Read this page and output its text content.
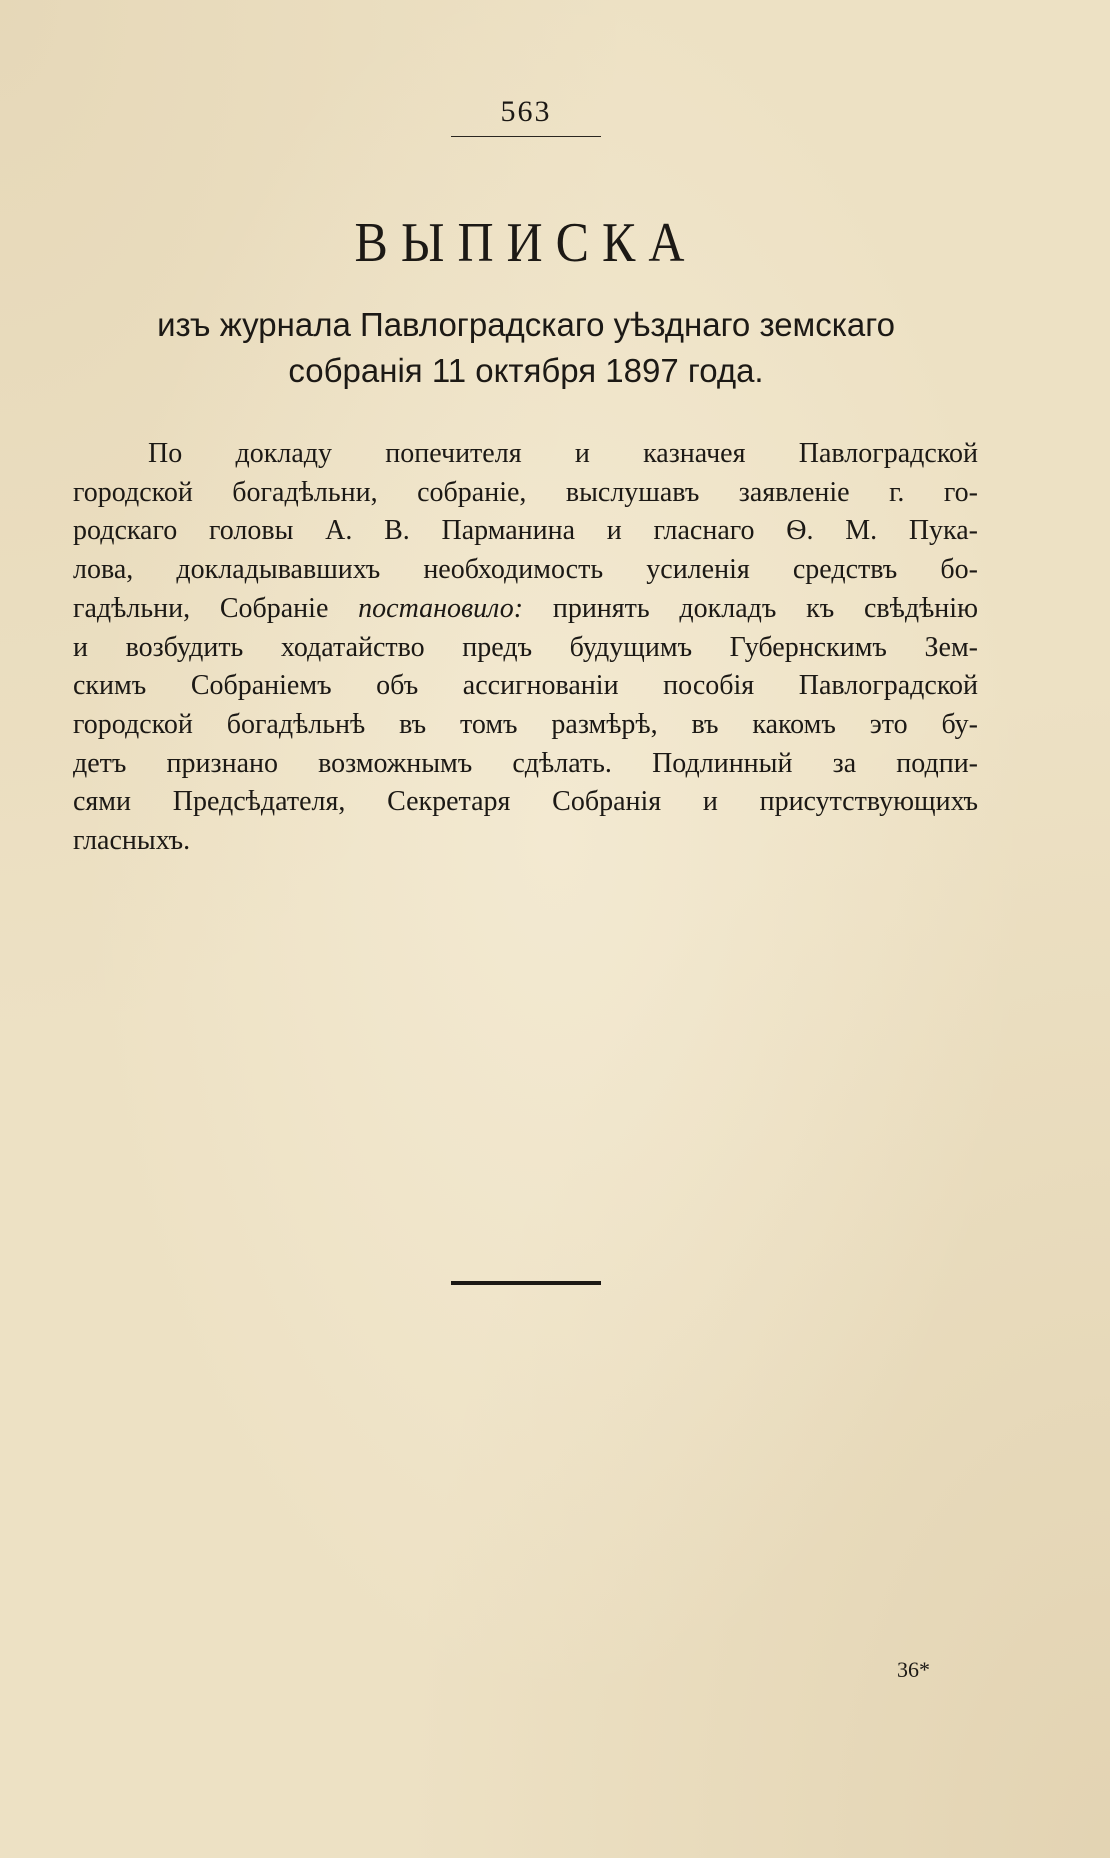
563
ВЫПИСКА
изъ журнала Павлоградскаго уѣзднаго земскаго
собранія 11 октября 1897 года.
По докладу попечителя и казначея Павлоградской
городской богадѣльни, собраніе, выслушавъ заявленіе г. го-
родскаго головы А. В. Парманина и гласнаго Ѳ. М. Пука-
лова, докладывавшихъ необходимость усиленія средствъ бо-
гадѣльни, Собраніе постановило: принять докладъ къ свѣдѣнію
и возбудить ходатайство предъ будущимъ Губернскимъ Зем-
скимъ Собраніемъ объ ассигнованіи пособія Павлоградской
городской богадѣльнѣ въ томъ размѣрѣ, въ какомъ это бу-
детъ признано возможнымъ сдѣлать. Подлинный за подпи-
сями Предсѣдателя, Секретаря Собранія и присутствующихъ
гласныхъ.
36*
